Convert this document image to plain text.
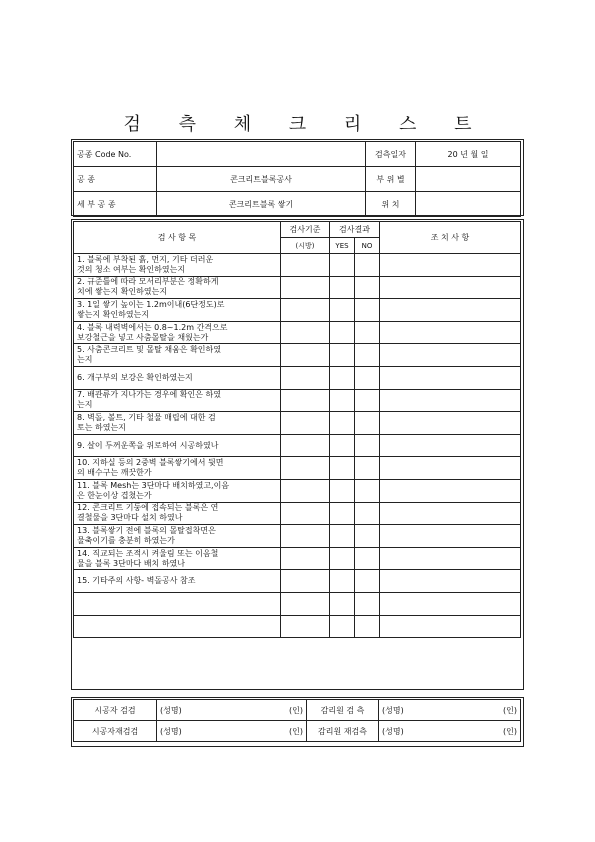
검 측 체 크 리 스 트
공종 Code No.		검측일자	20 년 월 일
공 종	콘크리트블록공사	부 위 별	
세 부 공 종	콘크리트블록 쌓기	위 치	
검 사 항 목	검사기준	검사결과		조 치 사 항
	(시방)	YES	NO	

1. 블록에 부착된 흙, 먼지, 기타 더러운
것의 청소 여부는 확인하였는지				

2. 규준틀에 따라 모서리부분은 정확하게
치에 쌓는지 확인하였는지				

3. 1일 쌓기 높이는 1.2m이내(6단정도)로
쌓는지 확인하였는지				

4. 블록 내력벽에서는 0.8~1.2m 간격으로
보강철근을 넣고 사춤몰탈을 채웠는가				

5. 사춤콘크리트 및 몰탈 채움은 확인하였
는지				

6. 개구부의 보강은 확인하였는지				

7. 배관류가 지나가는 경우에 확인은 하였
는지				

8. 벽돌, 볼트, 기타 철물 매립에 대한 검
토는 하였는지				

9. 살이 두꺼운쪽을 위로하여 시공하였나				

10. 지하실 등의 2중벽 블록쌓기에서 뒷면
의 배수구는 깨끗한가				

11. 블록 Mesh는 3단마다 배치하였고,이음
은 한눈이상 겹쳤는가				

12. 콘크리트 기둥에 접속되는 블록은 연
결철물을 3단마다 설치 하였나				

13. 블록쌓기 전에 블록의 몰탈접착면은
물축이기를 충분히 하였는가				

14. 직교되는 조적시 켜울림 또는 이음철
물을 블록 3단마다 배치 하였나				

15. 기타주의 사항- 벽돌공사 참조				

시공자 검검	(성명) (인)	감리원 검 측	(성명) (인)

시공자재검검	(성명) (인)	감리원 재검측	(성명) (인)
